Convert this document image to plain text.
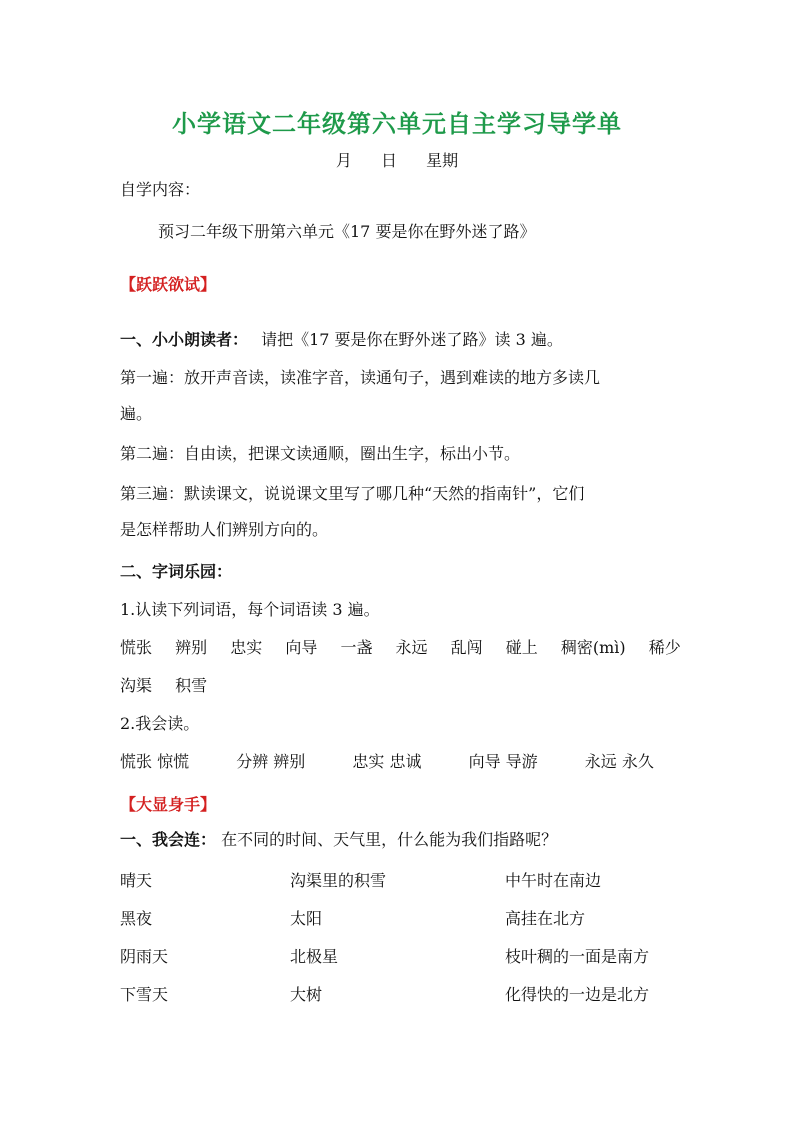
小学语文二年级第六单元自主学习导学单
月 日 星期
自学内容：
预习二年级下册第六单元《17 要是你在野外迷了路》
【跃跃欲试】
一、小小朗读者： 请把《17 要是你在野外迷了路》读 3 遍。
第一遍：放开声音读，读准字音，读通句子，遇到难读的地方多读几
遍。
第二遍：自由读，把课文读通顺，圈出生字，标出小节。
第三遍：默读课文，说说课文里写了哪几种“天然的指南针”，它们
是怎样帮助人们辨别方向的。
二、字词乐园：
1.认读下列词语，每个词语读 3 遍。
慌张 辨别 忠实 向导 一盏 永远 乱闯 碰上 稠密(mì) 稀少
沟渠 积雪
2.我会读。
慌张 惊慌	分辨 辨别	忠实 忠诚	向导 导游	永远 永久
【大显身手】
一、我会连： 在不同的时间、天气里，什么能为我们指路呢？
晴天	沟渠里的积雪	中午时在南边
黑夜	太阳	高挂在北方
阴雨天	北极星	枝叶稠的一面是南方
下雪天	大树	化得快的一边是北方
